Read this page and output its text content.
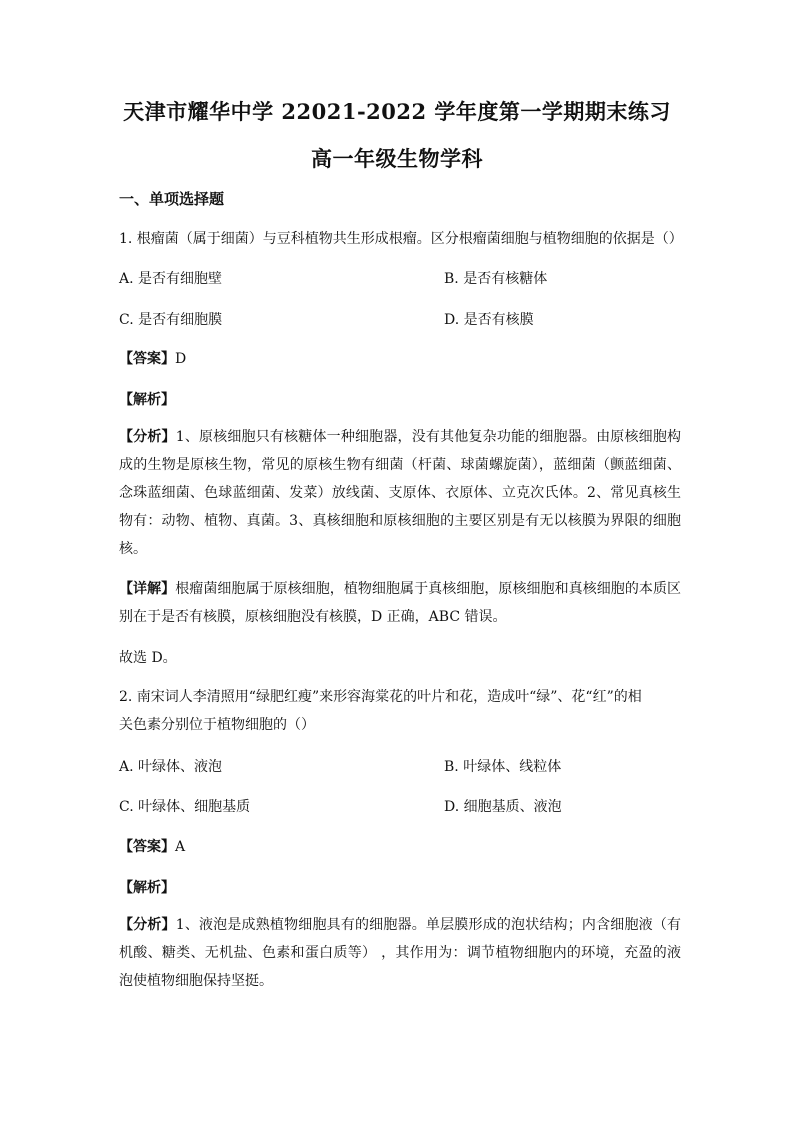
天津市耀华中学 22021-2022 学年度第一学期期末练习
高一年级生物学科
一、单项选择题
1. 根瘤菌（属于细菌）与豆科植物共生形成根瘤。区分根瘤菌细胞与植物细胞的依据是（）
A. 是否有细胞壁	B. 是否有核糖体
C. 是否有细胞膜	D. 是否有核膜
【答案】D
【解析】
【分析】1、原核细胞只有核糖体一种细胞器，没有其他复杂功能的细胞器。由原核细胞构成的生物是原核生物，常见的原核生物有细菌（杆菌、球菌螺旋菌），蓝细菌（颤蓝细菌、念珠蓝细菌、色球蓝细菌、发菜）放线菌、支原体、衣原体、立克次氏体。2、常见真核生物有：动物、植物、真菌。3、真核细胞和原核细胞的主要区别是有无以核膜为界限的细胞核。
【详解】根瘤菌细胞属于原核细胞，植物细胞属于真核细胞，原核细胞和真核细胞的本质区别在于是否有核膜，原核细胞没有核膜，D 正确，ABC 错误。
故选 D。
2. 南宋词人李清照用“绿肥红瘦”来形容海棠花的叶片和花，造成叶“绿”、花“红”的相
关色素分别位于植物细胞的（）
A. 叶绿体、液泡	B. 叶绿体、线粒体
C. 叶绿体、细胞基质	D. 细胞基质、液泡
【答案】A
【解析】
【分析】1、液泡是成熟植物细胞具有的细胞器。单层膜形成的泡状结构；内含细胞液（有机酸、糖类、无机盐、色素和蛋白质等） ，其作用为：调节植物细胞内的环境，充盈的液泡使植物细胞保持坚挺。
